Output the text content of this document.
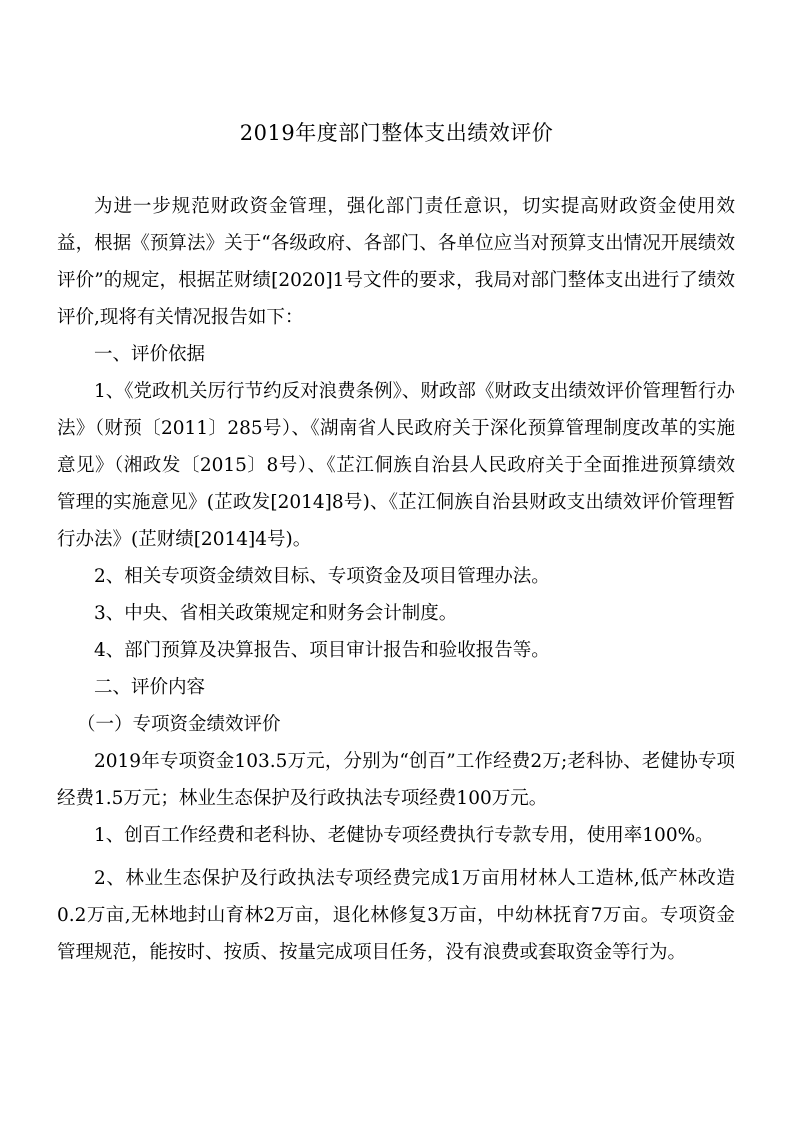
2019年度部门整体支出绩效评价

为进一步规范财政资金管理，强化部门责任意识，切实提高财政资金使用效益，根据《预算法》关于“各级政府、各部门、各单位应当对预算支出情况开展绩效评价”的规定，根据芷财绩[2020]1号文件的要求，我局对部门整体支出进行了绩效评价,现将有关情况报告如下：

一、评价依据

1、《党政机关厉行节约反对浪费条例》、财政部《财政支出绩效评价管理暂行办法》（财预〔2011〕285号）、《湖南省人民政府关于深化预算管理制度改革的实施意见》（湘政发〔2015〕8号）、《芷江侗族自治县人民政府关于全面推进预算绩效管理的实施意见》(芷政发[2014]8号)、《芷江侗族自治县财政支出绩效评价管理暂行办法》(芷财绩[2014]4号)。

2、相关专项资金绩效目标、专项资金及项目管理办法。

3、中央、省相关政策规定和财务会计制度。

4、部门预算及决算报告、项目审计报告和验收报告等。

二、评价内容

（一）专项资金绩效评价

2019年专项资金103.5万元，分别为“创百”工作经费2万;老科协、老健协专项经费1.5万元；林业生态保护及行政执法专项经费100万元。

1、创百工作经费和老科协、老健协专项经费执行专款专用，使用率100%。

2、林业生态保护及行政执法专项经费完成1万亩用材林人工造林,低产林改造0.2万亩,无林地封山育林2万亩，退化林修复3万亩，中幼林抚育7万亩。专项资金管理规范，能按时、按质、按量完成项目任务，没有浪费或套取资金等行为。
